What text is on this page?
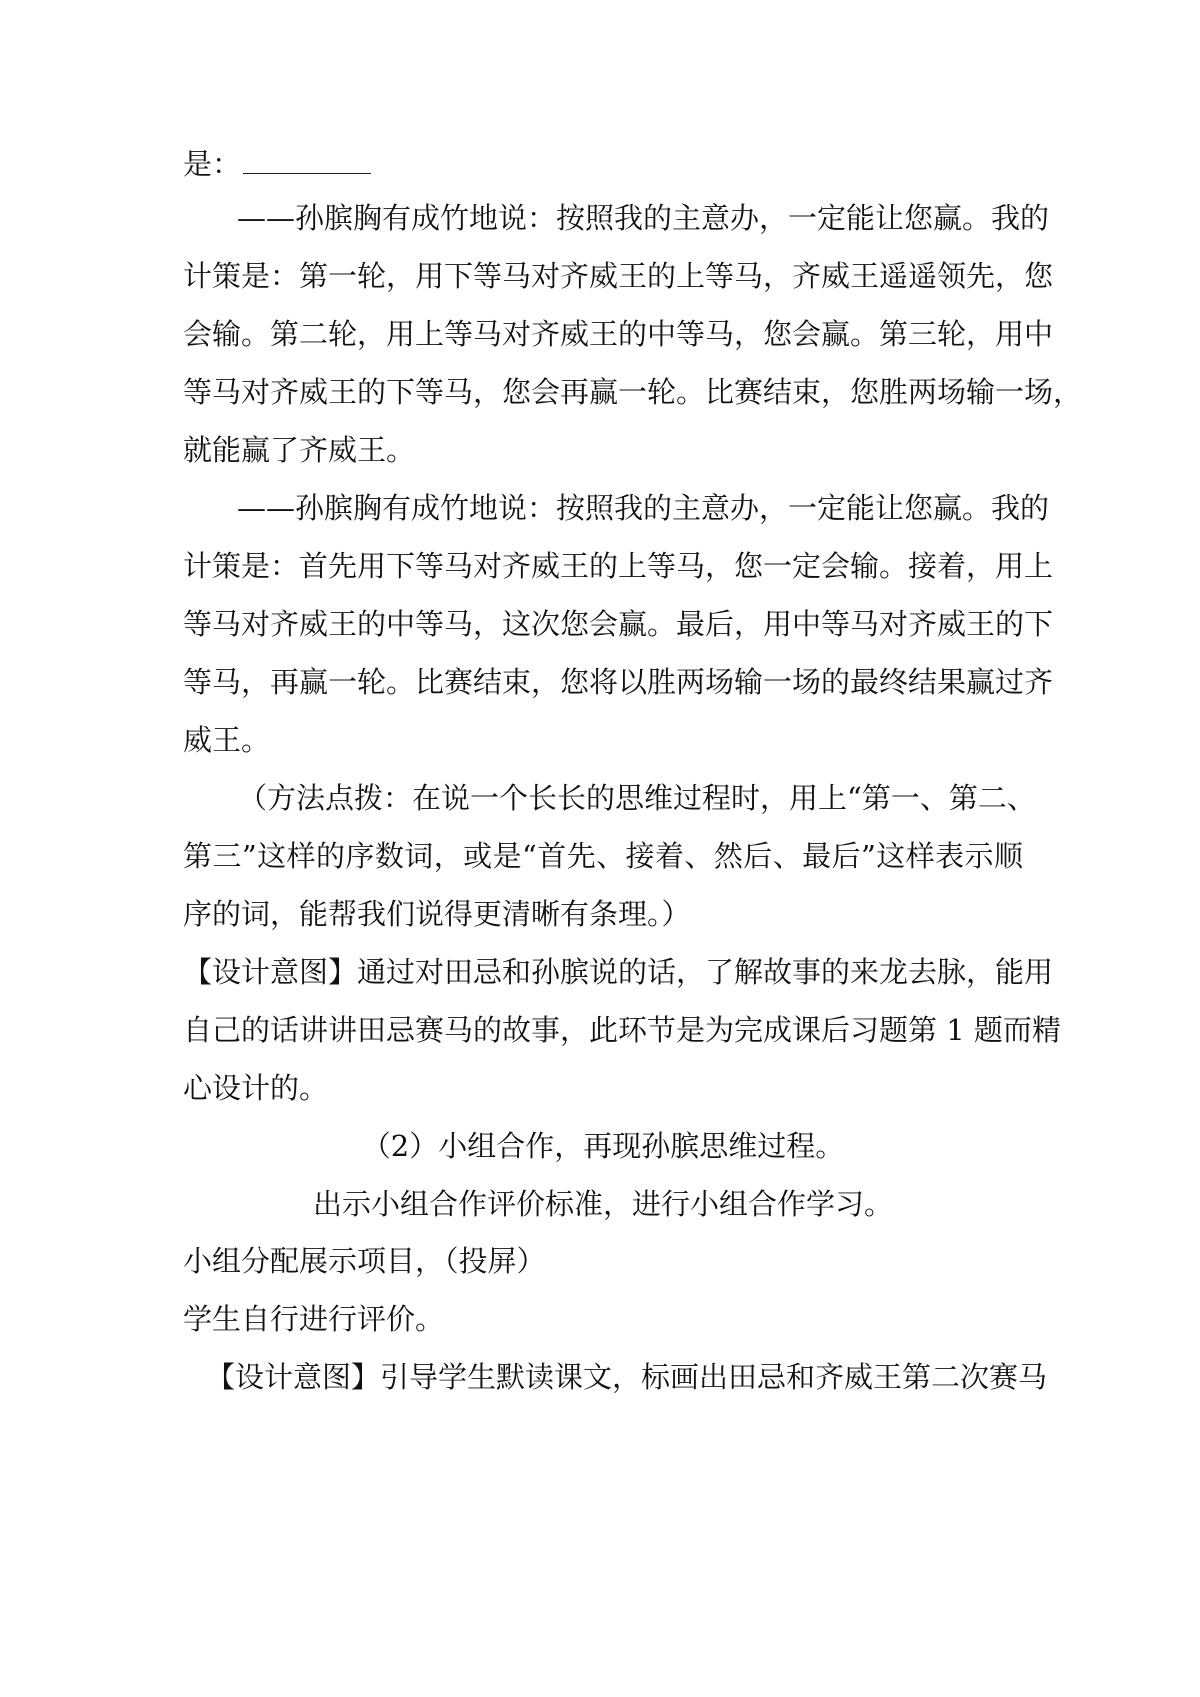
是：
——孙膑胸有成竹地说：按照我的主意办，一定能让您赢。我的
计策是：第一轮，用下等马对齐威王的上等马，齐威王遥遥领先，您
会输。第二轮，用上等马对齐威王的中等马，您会赢。第三轮，用中
等马对齐威王的下等马，您会再赢一轮。比赛结束，您胜两场输一场，
就能赢了齐威王。
——孙膑胸有成竹地说：按照我的主意办，一定能让您赢。我的
计策是：首先用下等马对齐威王的上等马，您一定会输。接着，用上
等马对齐威王的中等马，这次您会赢。最后，用中等马对齐威王的下
等马，再赢一轮。比赛结束，您将以胜两场输一场的最终结果赢过齐
威王。
（方法点拨：在说一个长长的思维过程时，用上“第一、第二、
第三”这样的序数词，或是“首先、接着、然后、最后”这样表示顺
序的词，能帮我们说得更清晰有条理。）
【设计意图】通过对田忌和孙膑说的话，了解故事的来龙去脉，能用
自己的话讲讲田忌赛马的故事，此环节是为完成课后习题第 1 题而精
心设计的。
（2）小组合作，再现孙膑思维过程。
出示小组合作评价标准，进行小组合作学习。
小组分配展示项目，（投屏）
学生自行进行评价。
【设计意图】引导学生默读课文，标画出田忌和齐威王第二次赛马
